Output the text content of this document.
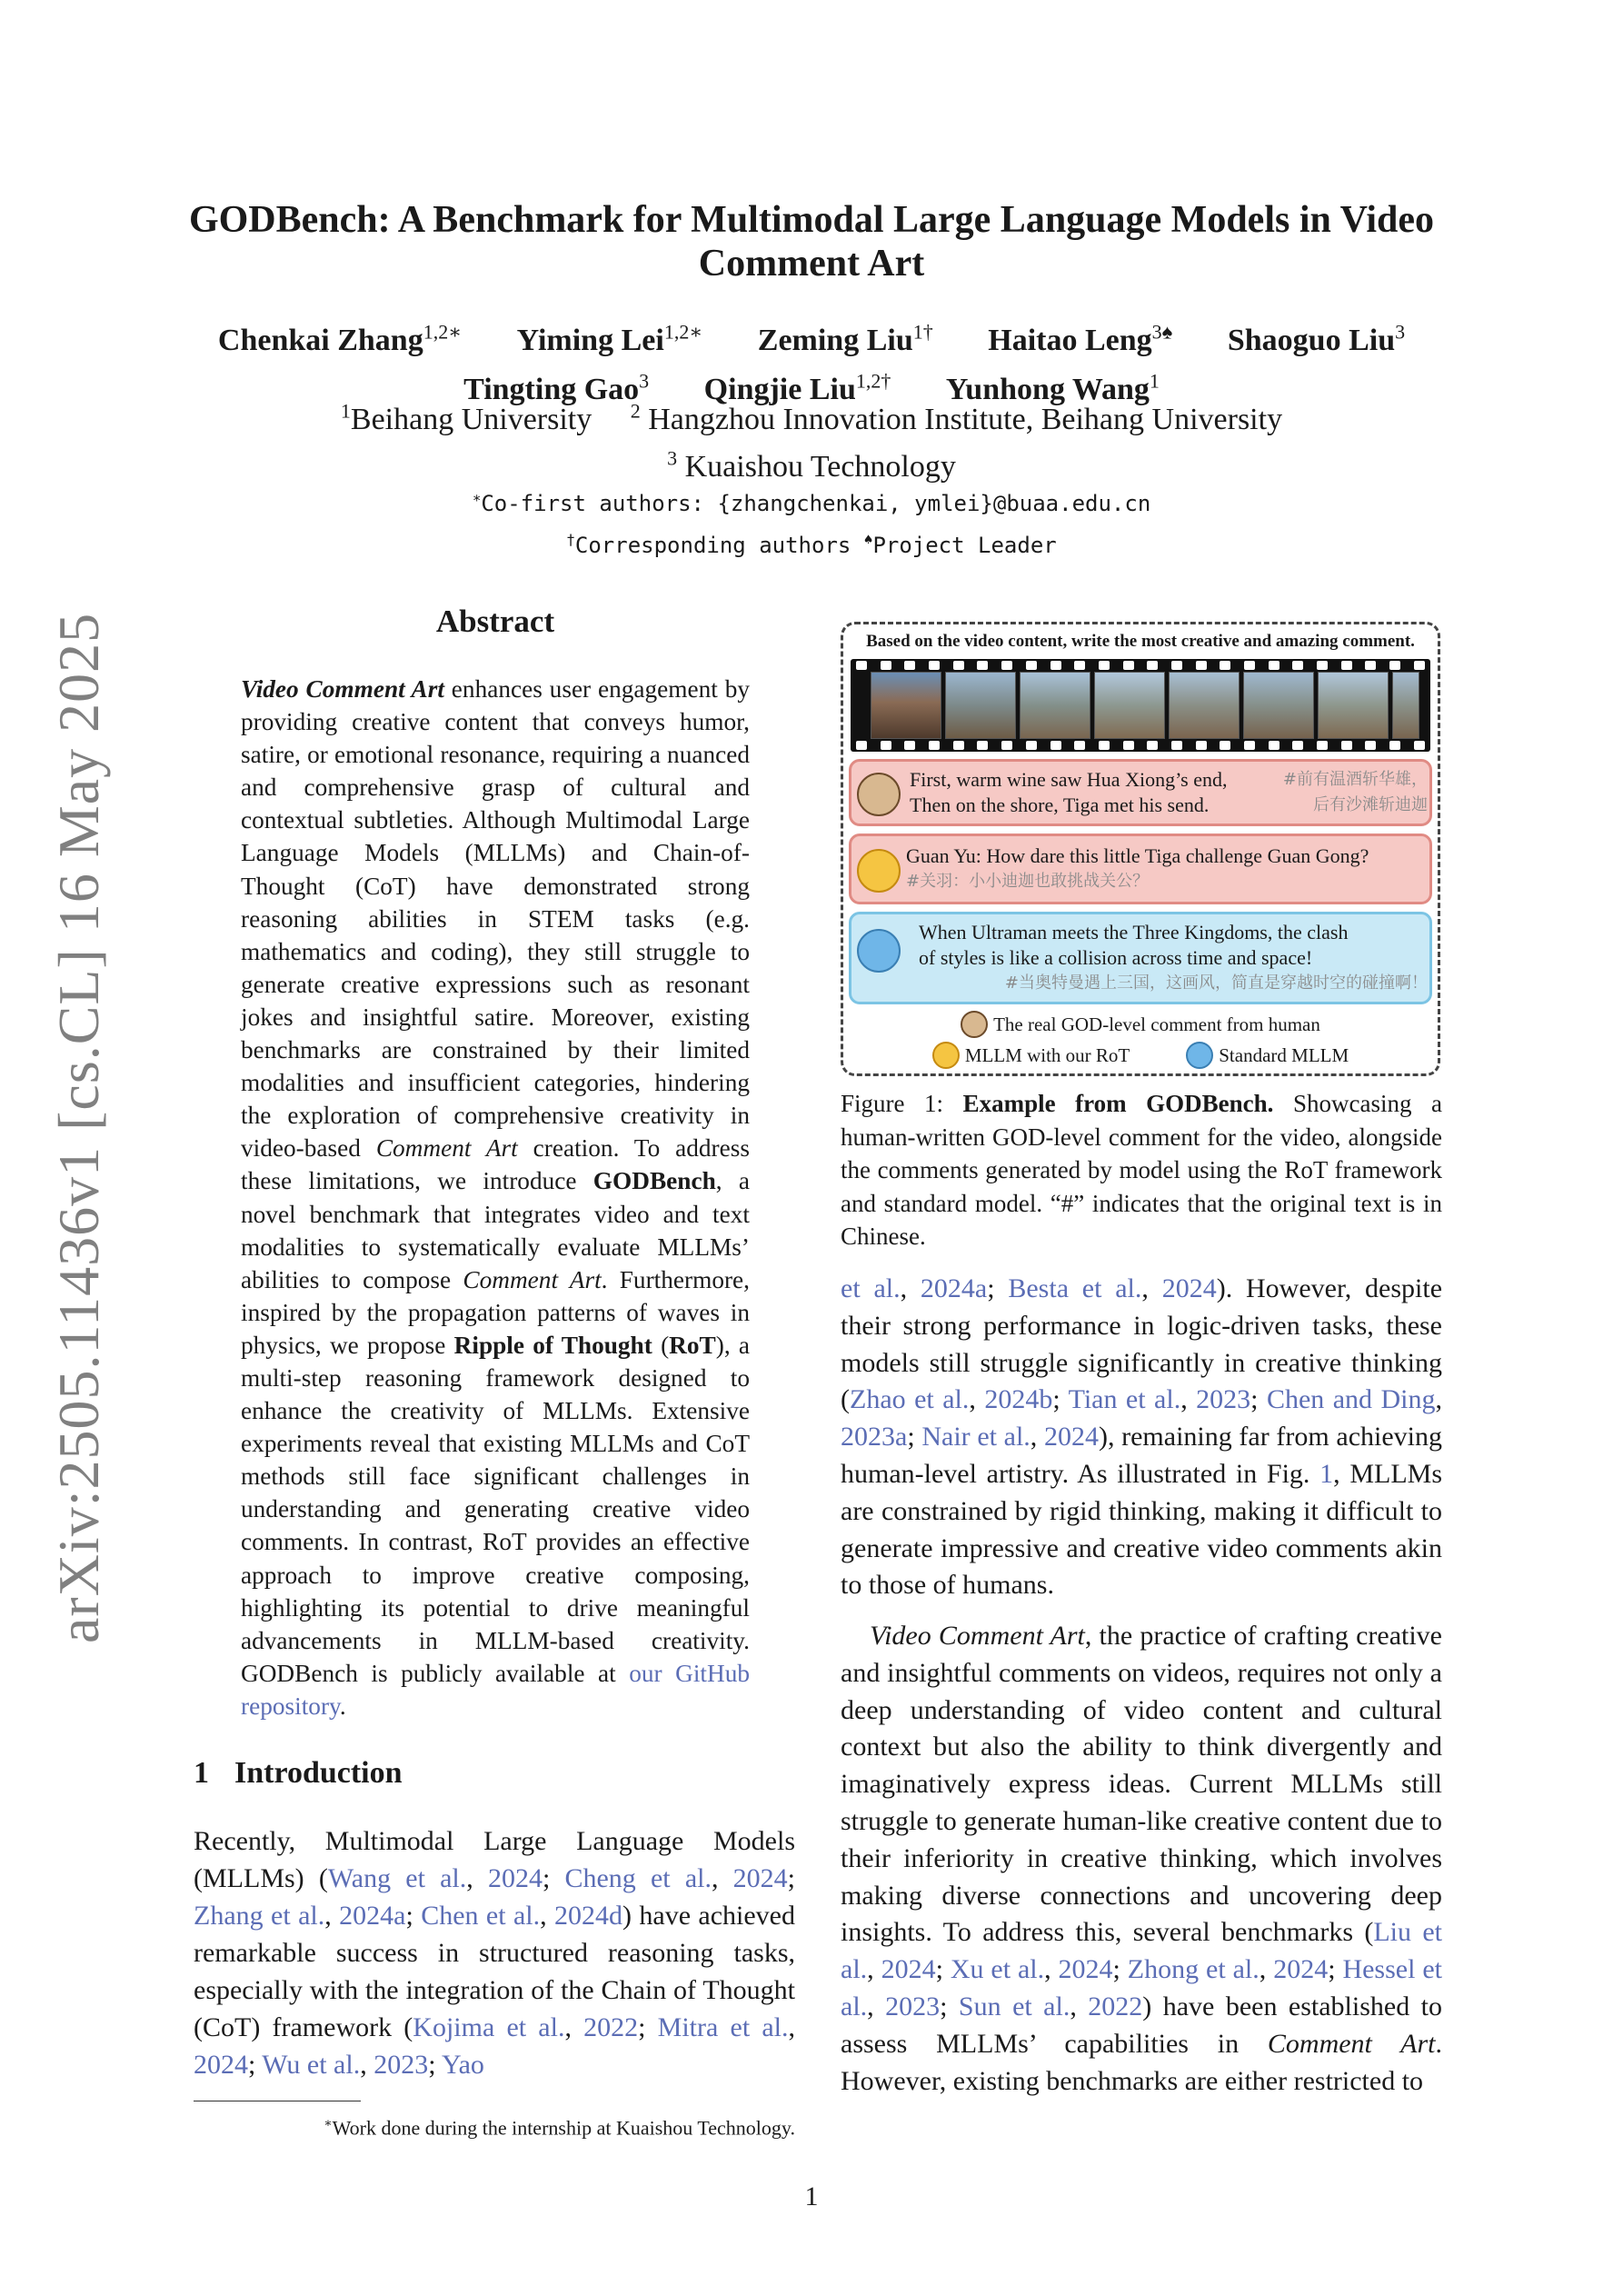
arXiv:2505.11436v1 [cs.CL] 16 May 2025
GODBench: A Benchmark for Multimodal Large Language Models in Video Comment Art
Chenkai Zhang$^{1,2∗}$ Yiming Lei$^{1,2∗}$ Zeming Liu$^{1\dagger}$ Haitao Leng$^{3♠}$ Shaoguo Liu$^3$
Tingting Gao$^3$ Qingjie Liu$^{1,2\dagger}$ Yunhong Wang$^1$
$^1$Beihang University $^2$ Hangzhou Innovation Institute, Beihang University
$^3$ Kuaishou Technology
∗Co-first authors: {zhangchenkai, ymlei}@buaa.edu.cn
†Corresponding authors ♠Project Leader
Abstract
Video Comment Art enhances user engagement by providing creative content that conveys humor, satire, or emotional resonance, requiring a nuanced and comprehensive grasp of cultural and contextual subtleties. Although Multimodal Large Language Models (MLLMs) and Chain-of-Thought (CoT) have demonstrated strong reasoning abilities in STEM tasks (e.g. mathematics and coding), they still struggle to generate creative expressions such as resonant jokes and insightful satire. Moreover, existing benchmarks are constrained by their limited modalities and insufficient categories, hindering the exploration of comprehensive creativity in video-based Comment Art creation. To address these limitations, we introduce GODBench, a novel benchmark that integrates video and text modalities to systematically evaluate MLLMs’ abilities to compose Comment Art. Furthermore, inspired by the propagation patterns of waves in physics, we propose Ripple of Thought (RoT), a multi-step reasoning framework designed to enhance the creativity of MLLMs. Extensive experiments reveal that existing MLLMs and CoT methods still face significant challenges in understanding and generating creative video comments. In contrast, RoT provides an effective approach to improve creative composing, highlighting its potential to drive meaningful advancements in MLLM-based creativity. GODBench is publicly available at our GitHub repository.
1 Introduction
Recently, Multimodal Large Language Models (MLLMs) (Wang et al., 2024; Cheng et al., 2024; Zhang et al., 2024a; Chen et al., 2024d) have achieved remarkable success in structured reasoning tasks, especially with the integration of the Chain of Thought (CoT) framework (Kojima et al., 2022; Mitra et al., 2024; Wu et al., 2023; Yao
∗Work done during the internship at Kuaishou Technology.
Based on the video content, write the most creative and amazing comment.
First, warm wine saw Hua Xiong’s end,	#前有温酒斩华雄，
Then on the shore, Tiga met his send.	后有沙滩斩迪迦
Guan Yu: How dare this little Tiga challenge Guan Gong?
#关羽：小小迪迦也敢挑战关公？
When Ultraman meets the Three Kingdoms, the clash
of styles is like a collision across time and space!
#当奥特曼遇上三国，这画风，简直是穿越时空的碰撞啊！
The real GOD-level comment from human
MLLM with our RoT	Standard MLLM
Figure 1: Example from GODBench. Showcasing a human-written GOD-level comment for the video, alongside the comments generated by model using the RoT framework and standard model. “#” indicates that the original text is in Chinese.
et al., 2024a; Besta et al., 2024). However, despite their strong performance in logic-driven tasks, these models still struggle significantly in creative thinking (Zhao et al., 2024b; Tian et al., 2023; Chen and Ding, 2023a; Nair et al., 2024), remaining far from achieving human-level artistry. As illustrated in Fig. 1, MLLMs are constrained by rigid thinking, making it difficult to generate impressive and creative video comments akin to those of humans.
Video Comment Art, the practice of crafting creative and insightful comments on videos, requires not only a deep understanding of video content and cultural context but also the ability to think divergently and imaginatively express ideas. Current MLLMs still struggle to generate human-like creative content due to their inferiority in creative thinking, which involves making diverse connections and uncovering deep insights. To address this, several benchmarks (Liu et al., 2024; Xu et al., 2024; Zhong et al., 2024; Hessel et al., 2023; Sun et al., 2022) have been established to assess MLLMs’ capabilities in Comment Art. However, existing benchmarks are either restricted to
1
